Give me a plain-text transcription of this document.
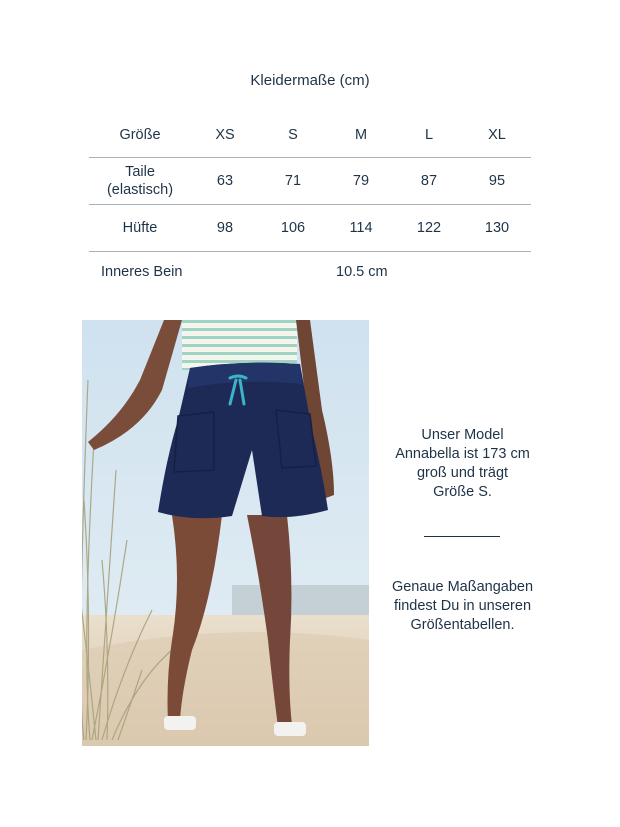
Kleidermaße (cm)
Größe	XS	S	M	L	XL
Taile
(elastisch)	63	71	79	87	95
Hüfte	98	106	114	122	130
Inneres Bein	10.5 cm
Unser Model
Annabella ist 173 cm
groß und trägt
Größe S.
Genaue Maßangaben
findest Du in unseren
Größentabellen.
